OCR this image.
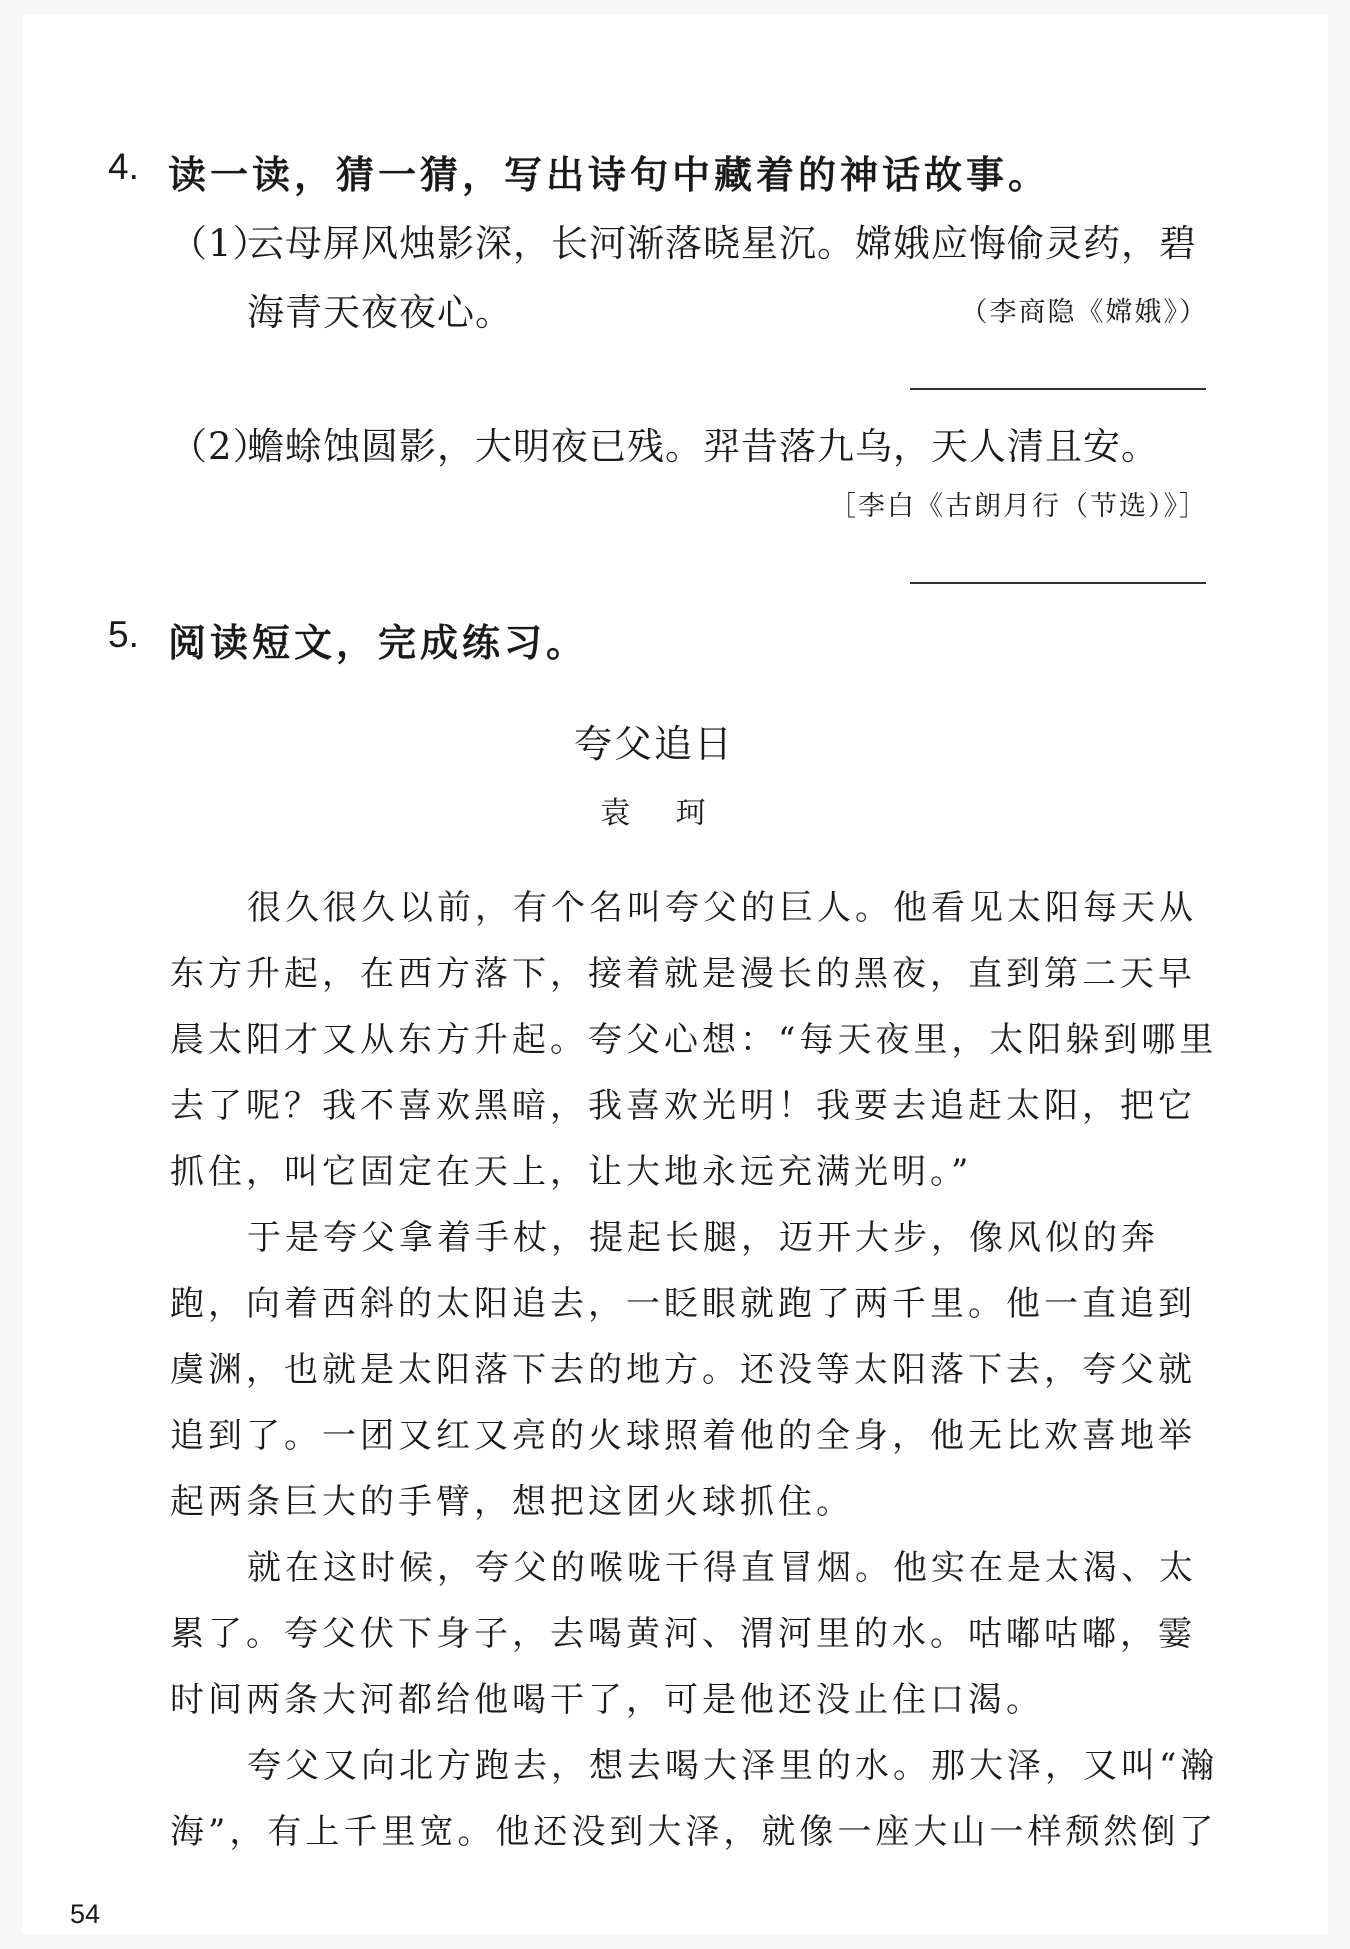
4. 读一读，猜一猜，写出诗句中藏着的神话故事。
（1）
云母屏风烛影深，长河渐落晓星沉。嫦娥应悔偷灵药，碧
海青天夜夜心。	（李商隐《嫦娥》）
（2）
蟾蜍蚀圆影，大明夜已残。羿昔落九乌，天人清且安。
［李白《古朗月行（节选）》］
5. 阅读短文，完成练习。
夸父追日
袁 珂
很久很久以前，有个名叫夸父的巨人。他看见太阳每天从
东方升起，在西方落下，接着就是漫长的黑夜，直到第二天早
晨太阳才又从东方升起。夸父心想：“每天夜里，太阳躲到哪里
去了呢？我不喜欢黑暗，我喜欢光明！我要去追赶太阳，把它
抓住，叫它固定在天上，让大地永远充满光明。”
于是夸父拿着手杖，提起长腿，迈开大步，像风似的奔
跑，向着西斜的太阳追去，一眨眼就跑了两千里。他一直追到
虞渊，也就是太阳落下去的地方。还没等太阳落下去，夸父就
追到了。一团又红又亮的火球照着他的全身，他无比欢喜地举
起两条巨大的手臂，想把这团火球抓住。
就在这时候，夸父的喉咙干得直冒烟。他实在是太渴、太
累了。夸父伏下身子，去喝黄河、渭河里的水。咕嘟咕嘟，霎
时间两条大河都给他喝干了，可是他还没止住口渴。
夸父又向北方跑去，想去喝大泽里的水。那大泽，又叫“瀚
海”，有上千里宽。他还没到大泽，就像一座大山一样颓然倒了
54
